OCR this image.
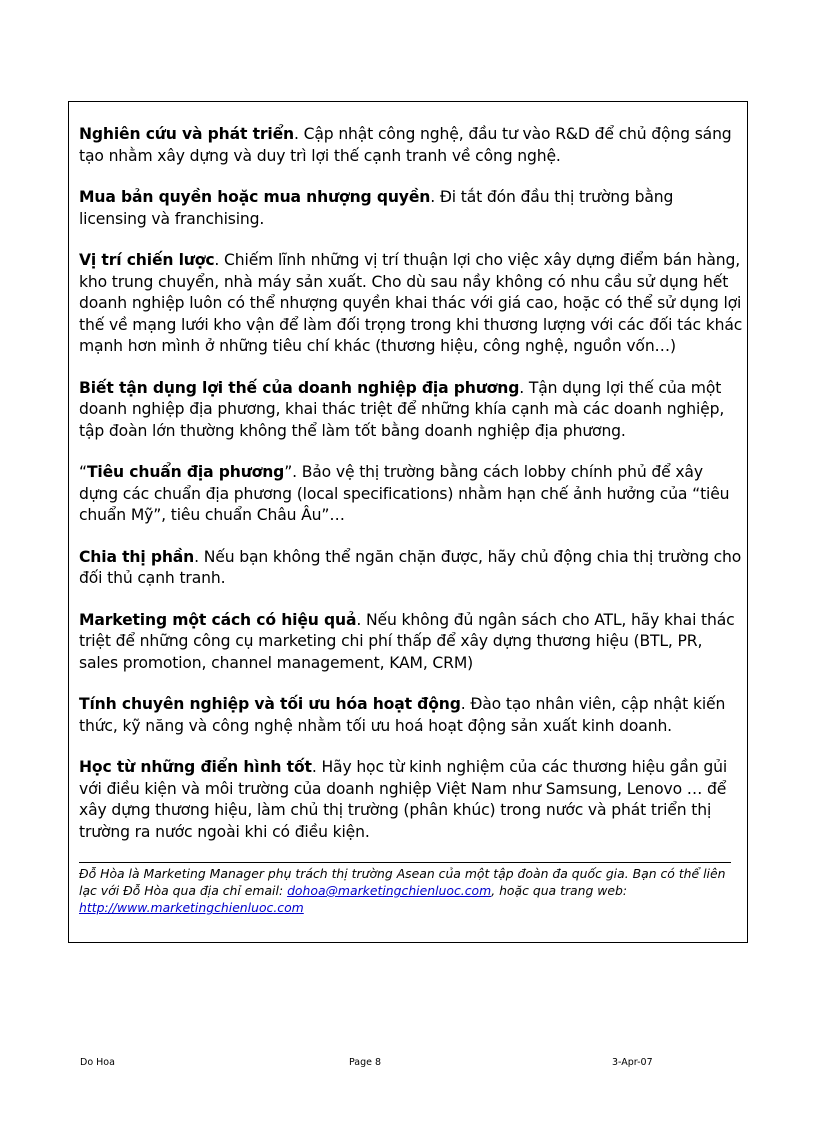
Nghiên cứu và phát triển. Cập nhật công nghệ, đầu tư vào R&D để chủ động sáng tạo nhằm xây dựng và duy trì lợi thế cạnh tranh về công nghệ.

Mua bản quyền hoặc mua nhượng quyền. Đi tắt đón đầu thị trường bằng licensing và franchising.

Vị trí chiến lược. Chiếm lĩnh những vị trí thuận lợi cho việc xây dựng điểm bán hàng, kho trung chuyển, nhà máy sản xuất. Cho dù sau nầy không có nhu cầu sử dụng hết doanh nghiệp luôn có thể nhượng quyền khai thác với giá cao, hoặc có thể sử dụng lợi thế về mạng lưới kho vận để làm đối trọng trong khi thương lượng với các đối tác khác mạnh hơn mình ở những tiêu chí khác (thương hiệu, công nghệ, nguồn vốn…)

Biết tận dụng lợi thế của doanh nghiệp địa phương. Tận dụng lợi thế của một doanh nghiệp địa phương, khai thác triệt để những khía cạnh mà các doanh nghiệp, tập đoàn lớn thường không thể làm tốt bằng doanh nghiệp địa phương.

“Tiêu chuẩn địa phương”. Bảo vệ thị trường bằng cách lobby chính phủ để xây dựng các chuẩn địa phương (local specifications) nhằm hạn chế ảnh hưởng của “tiêu chuẩn Mỹ”, tiêu chuẩn Châu Âu”…

Chia thị phần. Nếu bạn không thể ngăn chặn được, hãy chủ động chia thị trường cho đối thủ cạnh tranh.

Marketing một cách có hiệu quả. Nếu không đủ ngân sách cho ATL, hãy khai thác triệt để những công cụ marketing chi phí thấp để xây dựng thương hiệu (BTL, PR, sales promotion, channel management, KAM, CRM)

Tính chuyên nghiệp và tối ưu hóa hoạt động. Đào tạo nhân viên, cập nhật kiến thức, kỹ năng và công nghệ nhằm tối ưu hoá hoạt động sản xuất kinh doanh.

Học từ những điển hình tốt. Hãy học từ kinh nghiệm của các thương hiệu gần gủi với điều kiện và môi trường của doanh nghiệp Việt Nam như Samsung, Lenovo … để xây dựng thương hiệu, làm chủ thị trường (phân khúc) trong nước và phát triển thị trường ra nước ngoài khi có điều kiện.

Đỗ Hòa là Marketing Manager phụ trách thị trường Asean của một tập đoàn đa quốc gia. Bạn có thể liên lạc với Đỗ Hòa qua địa chỉ email: dohoa@marketingchienluoc.com, hoặc qua trang web: http://www.marketingchienluoc.com
Do Hoa	Page 8	3-Apr-07
